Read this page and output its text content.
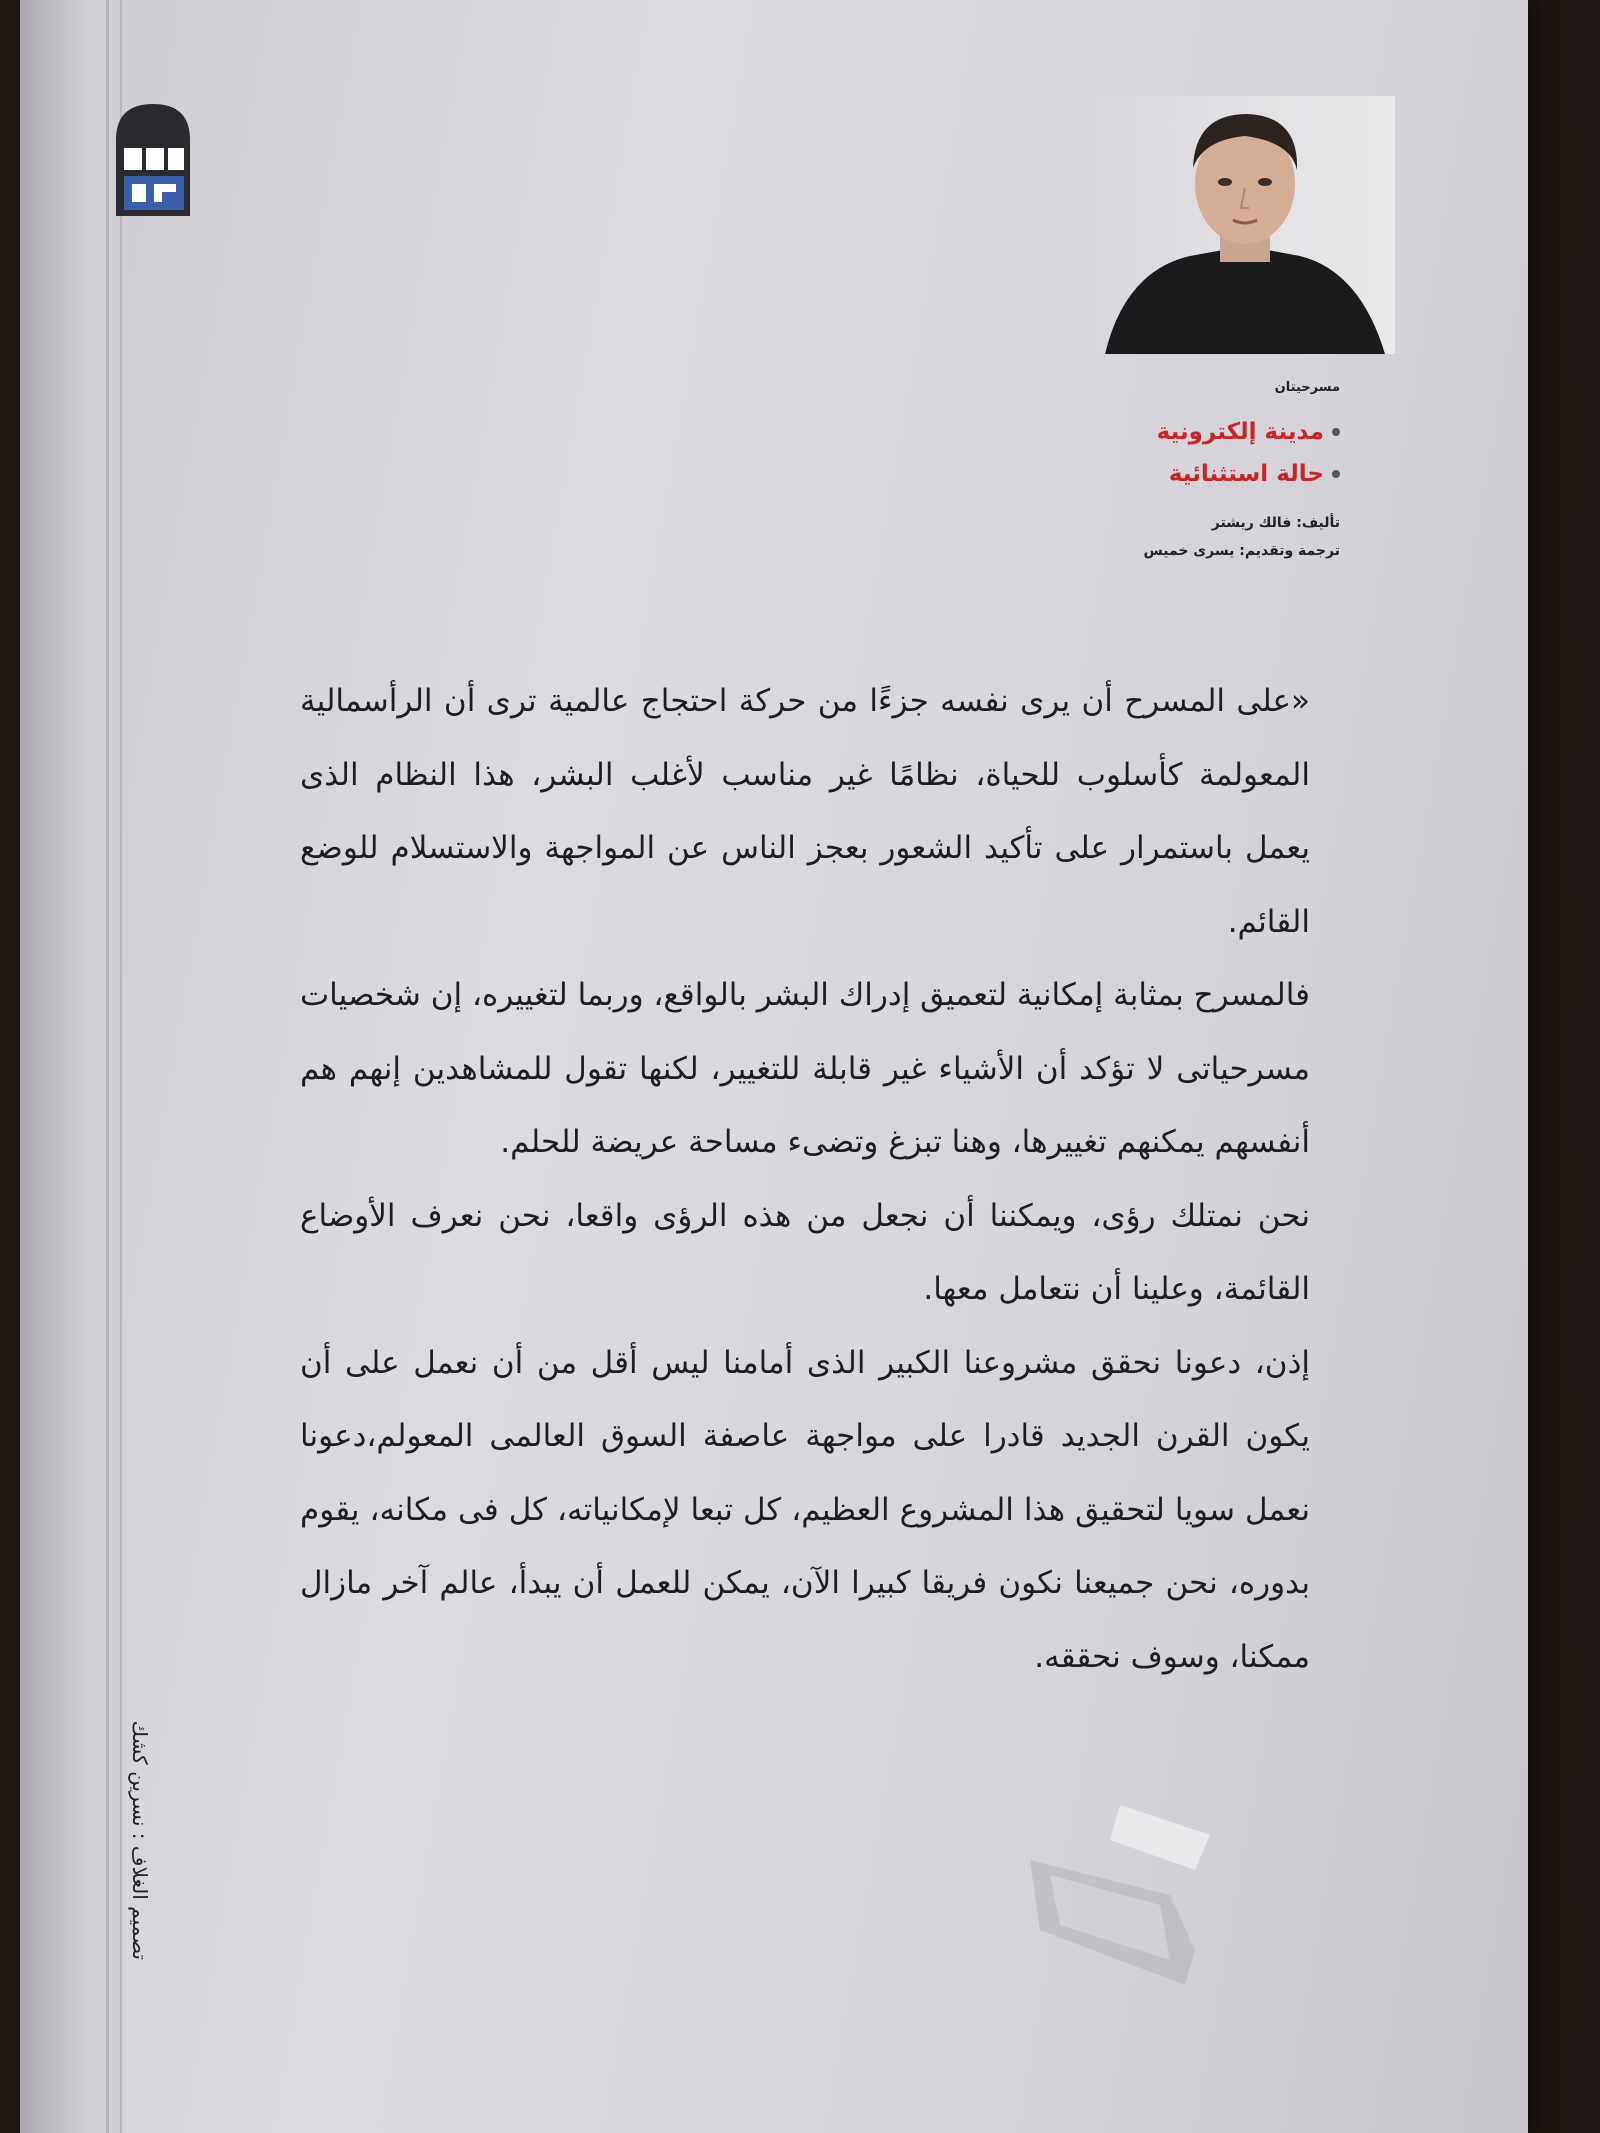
مسرحيتان
مدينة إلكترونية
حالة استثنائية
تأليف: فالك ريشتر
ترجمة وتقديم: يسرى خميس

«على المسرح أن يرى نفسه جزءًا من حركة احتجاج عالمية ترى أن الرأسمالية المعولمة كأسلوب للحياة، نظامًا غير مناسب لأغلب البشر، هذا النظام الذى يعمل باستمرار على تأكيد الشعور بعجز الناس عن المواجهة والاستسلام للوضع القائم.

فالمسرح بمثابة إمكانية لتعميق إدراك البشر بالواقع، وربما لتغييره، إن شخصيات مسرحياتى لا تؤكد أن الأشياء غير قابلة للتغيير، لكنها تقول للمشاهدين إنهم هم أنفسهم يمكنهم تغييرها، وهنا تبزغ وتضىء مساحة عريضة للحلم.

نحن نمتلك رؤى، ويمكننا أن نجعل من هذه الرؤى واقعا، نحن نعرف الأوضاع القائمة، وعلينا أن نتعامل معها.

إذن، دعونا نحقق مشروعنا الكبير الذى أمامنا ليس أقل من أن نعمل على أن يكون القرن الجديد قادرا على مواجهة عاصفة السوق العالمى المعولم،دعونا نعمل سويا لتحقيق هذا المشروع العظيم، كل تبعا لإمكانياته، كل فى مكانه، يقوم بدوره، نحن جميعنا نكون فريقا كبيرا الآن، يمكن للعمل أن يبدأ، عالم آخر مازال ممكنا، وسوف نحققه.

تصميم الغلاف : نسرين كشك
